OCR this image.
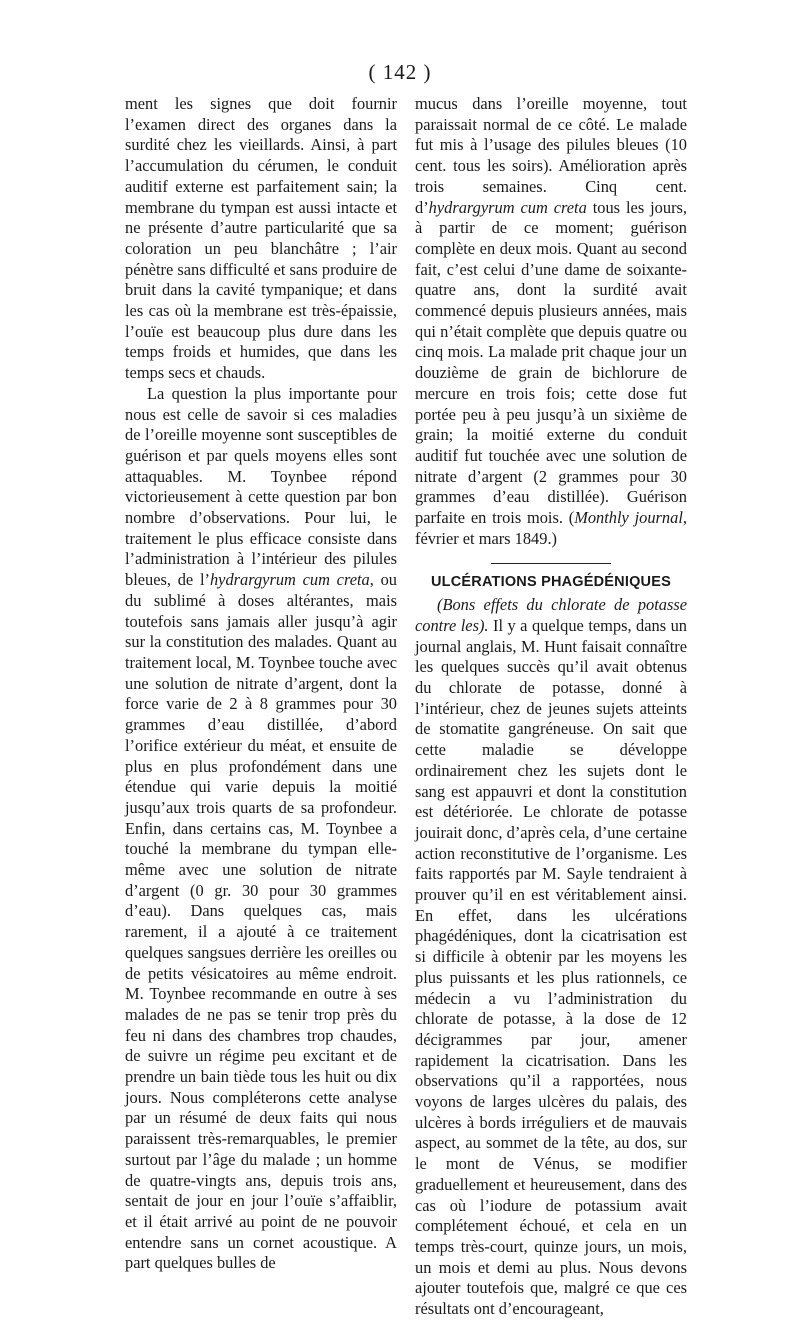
( 142 )

ment les signes que doit fournir l’examen direct des organes dans la surdité chez les vieillards. Ainsi, à part l’accumulation du cérumen, le conduit auditif externe est parfaitement sain; la membrane du tympan est aussi intacte et ne présente d’autre particularité que sa coloration un peu blanchâtre ; l’air pénètre sans difficulté et sans produire de bruit dans la cavité tympanique; et dans les cas où la membrane est très-épaissie, l’ouïe est beaucoup plus dure dans les temps froids et humides, que dans les temps secs et chauds.

La question la plus importante pour nous est celle de savoir si ces maladies de l’oreille moyenne sont susceptibles de guérison et par quels moyens elles sont attaquables. M. Toynbee répond victorieusement à cette question par bon nombre d’observations. Pour lui, le traitement le plus efficace consiste dans l’administration à l’intérieur des pilules bleues, de l’hydrargyrum cum creta, ou du sublimé à doses altérantes, mais toutefois sans jamais aller jusqu’à agir sur la constitution des malades. Quant au traitement local, M. Toynbee touche avec une solution de nitrate d’argent, dont la force varie de 2 à 8 grammes pour 30 grammes d’eau distillée, d’abord l’orifice extérieur du méat, et ensuite de plus en plus profondément dans une étendue qui varie depuis la moitié jusqu’aux trois quarts de sa profondeur. Enfin, dans certains cas, M. Toynbee a touché la membrane du tympan elle-même avec une solution de nitrate d’argent (0 gr. 30 pour 30 grammes d’eau). Dans quelques cas, mais rarement, il a ajouté à ce traitement quelques sangsues derrière les oreilles ou de petits vésicatoires au même endroit. M. Toynbee recommande en outre à ses malades de ne pas se tenir trop près du feu ni dans des chambres trop chaudes, de suivre un régime peu excitant et de prendre un bain tiède tous les huit ou dix jours. Nous compléterons cette analyse par un résumé de deux faits qui nous paraissent très-remarquables, le premier surtout par l’âge du malade ; un homme de quatre-vingts ans, depuis trois ans, sentait de jour en jour l’ouïe s’affaiblir, et il était arrivé au point de ne pouvoir entendre sans un cornet acoustique. A part quelques bulles de

mucus dans l’oreille moyenne, tout paraissait normal de ce côté. Le malade fut mis à l’usage des pilules bleues (10 cent. tous les soirs). Amélioration après trois semaines. Cinq cent. d’hydrargyrum cum creta tous les jours, à partir de ce moment; guérison complète en deux mois. Quant au second fait, c’est celui d’une dame de soixante-quatre ans, dont la surdité avait commencé depuis plusieurs années, mais qui n’était complète que depuis quatre ou cinq mois. La malade prit chaque jour un douzième de grain de bichlorure de mercure en trois fois; cette dose fut portée peu à peu jusqu’à un sixième de grain; la moitié externe du conduit auditif fut touchée avec une solution de nitrate d’argent (2 grammes pour 30 grammes d’eau distillée). Guérison parfaite en trois mois. (Monthly journal, février et mars 1849.)

ULCÉRATIONS PHAGÉDÉNIQUES

(Bons effets du chlorate de potasse contre les). Il y a quelque temps, dans un journal anglais, M. Hunt faisait connaître les quelques succès qu’il avait obtenus du chlorate de potasse, donné à l’intérieur, chez de jeunes sujets atteints de stomatite gangréneuse. On sait que cette maladie se développe ordinairement chez les sujets dont le sang est appauvri et dont la constitution est détériorée. Le chlorate de potasse jouirait donc, d’après cela, d’une certaine action reconstitutive de l’organisme. Les faits rapportés par M. Sayle tendraient à prouver qu’il en est véritablement ainsi. En effet, dans les ulcérations phagédéniques, dont la cicatrisation est si difficile à obtenir par les moyens les plus puissants et les plus rationnels, ce médecin a vu l’administration du chlorate de potasse, à la dose de 12 décigrammes par jour, amener rapidement la cicatrisation. Dans les observations qu’il a rapportées, nous voyons de larges ulcères du palais, des ulcères à bords irréguliers et de mauvais aspect, au sommet de la tête, au dos, sur le mont de Vénus, se modifier graduellement et heureusement, dans des cas où l’iodure de potassium avait complétement échoué, et cela en un temps très-court, quinze jours, un mois, un mois et demi au plus. Nous devons ajouter toutefois que, malgré ce que ces résultats ont d’encourageant,
